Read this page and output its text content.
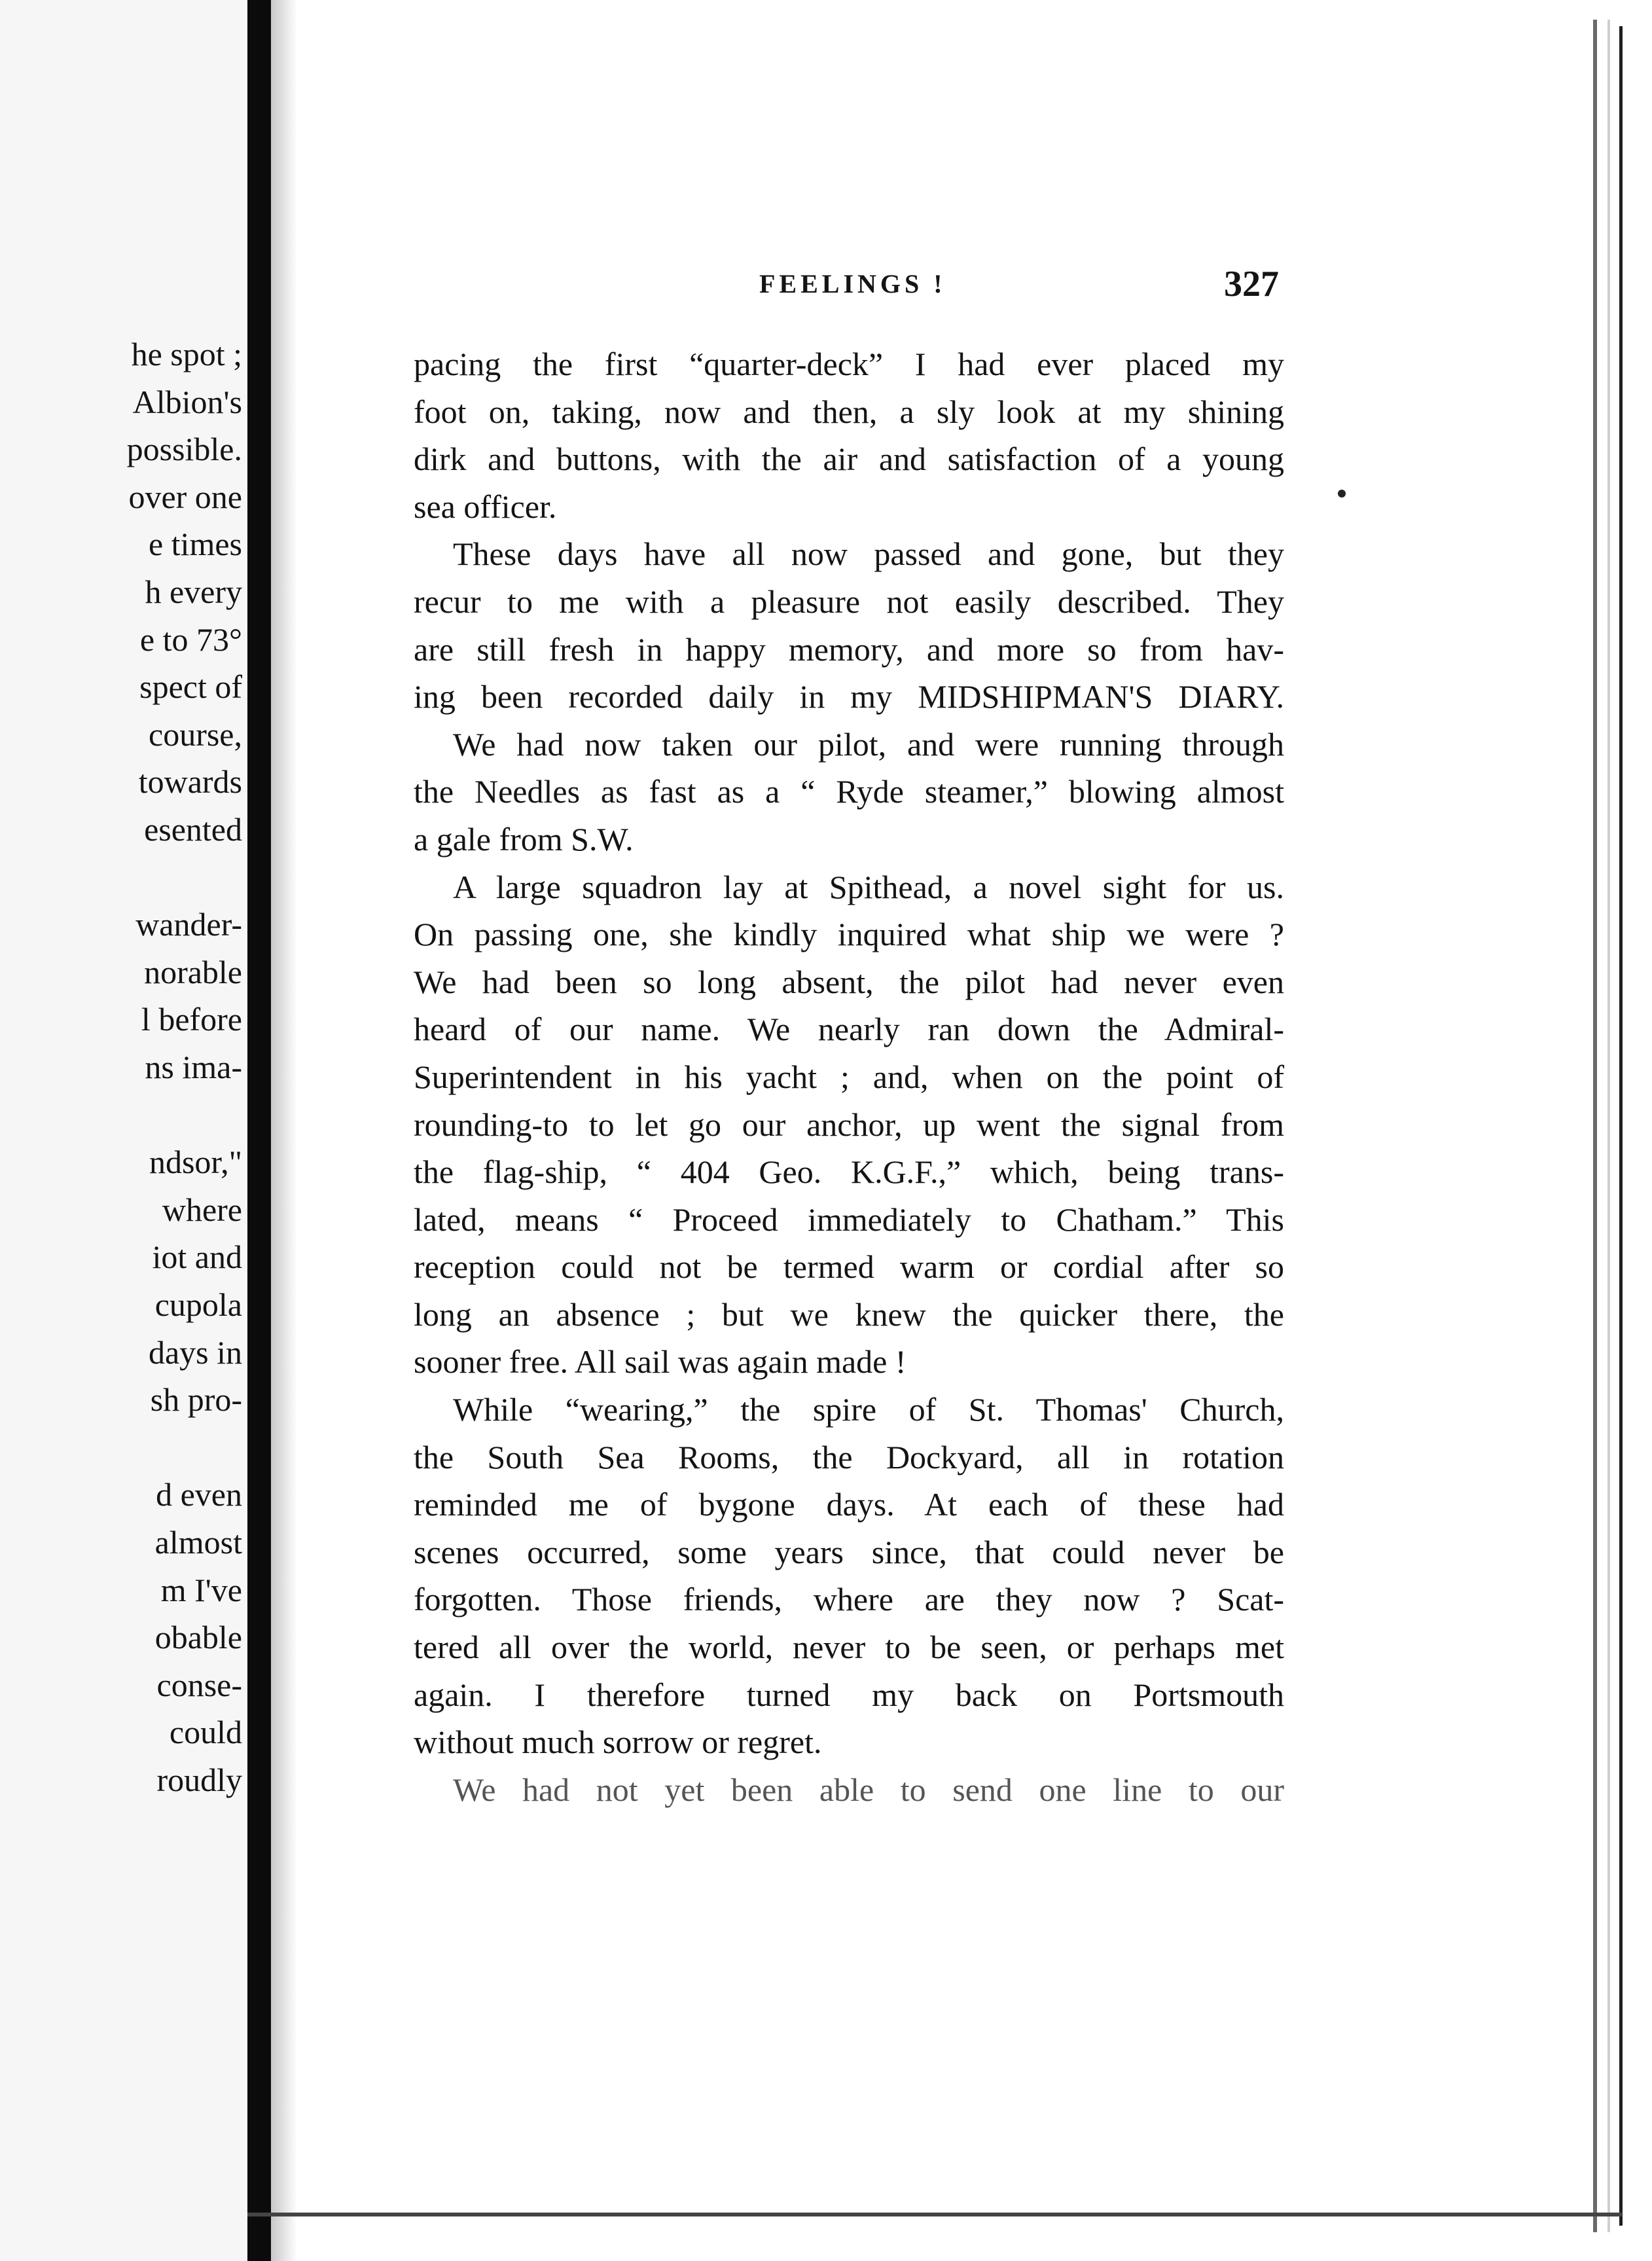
he spot ;
Albion's
possible.
over one
e times
h every
e to 73°
spect of
course,
towards
esented
wander-
norable
l before
ns ima-
ndsor,"
where
iot and
cupola
days in
sh pro-
d even
almost
m I've
obable
conse-
could
roudly
FEELINGS !	327
pacing the first “quarter-deck” I had ever placed my
foot on, taking, now and then, a sly look at my shining
dirk and buttons, with the air and satisfaction of a young
sea officer.
These days have all now passed and gone, but they
recur to me with a pleasure not easily described. They
are still fresh in happy memory, and more so from hav-
ing been recorded daily in my MIDSHIPMAN'S DIARY.
We had now taken our pilot, and were running through
the Needles as fast as a “ Ryde steamer,” blowing almost
a gale from S.W.
A large squadron lay at Spithead, a novel sight for us.
On passing one, she kindly inquired what ship we were ?
We had been so long absent, the pilot had never even
heard of our name. We nearly ran down the Admiral-
Superintendent in his yacht ; and, when on the point of
rounding-to to let go our anchor, up went the signal from
the flag-ship, “ 404 Geo. K.G.F.,” which, being trans-
lated, means “ Proceed immediately to Chatham.” This
reception could not be termed warm or cordial after so
long an absence ; but we knew the quicker there, the
sooner free. All sail was again made !
While “wearing,” the spire of St. Thomas' Church,
the South Sea Rooms, the Dockyard, all in rotation
reminded me of bygone days. At each of these had
scenes occurred, some years since, that could never be
forgotten. Those friends, where are they now ? Scat-
tered all over the world, never to be seen, or perhaps met
again. I therefore turned my back on Portsmouth
without much sorrow or regret.
We had not yet been able to send one line to our
